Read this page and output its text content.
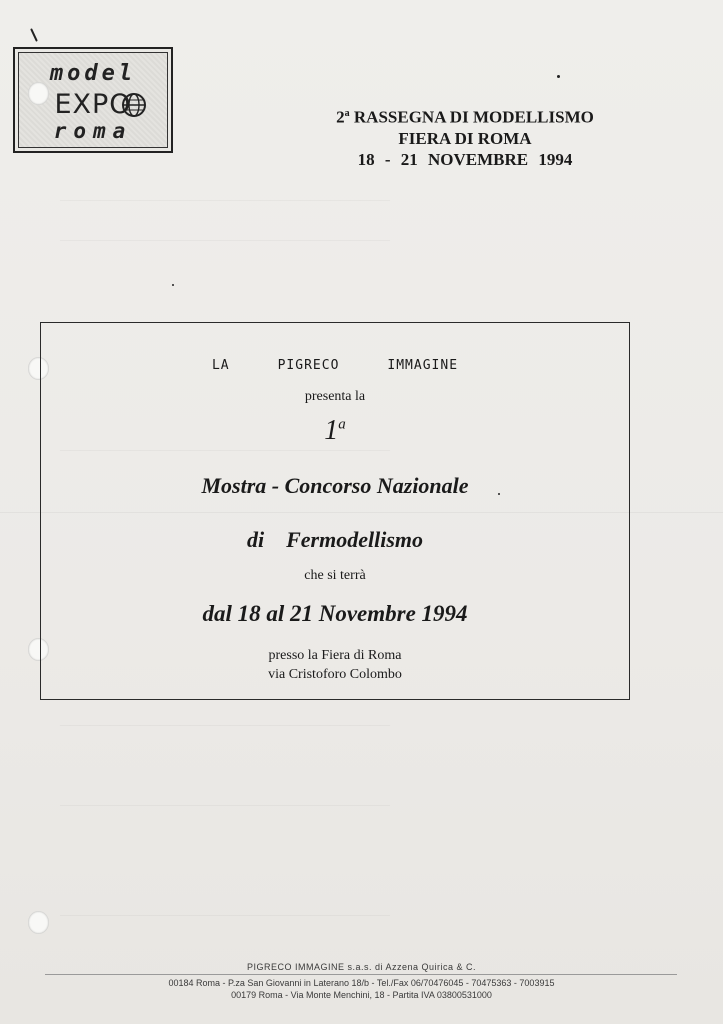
—————————————————————————————————
—————————————————————————————————
—————————————————————————————————
—————————————————————————————————
—————————————————————————————————
—————————————————————————————————
model
EXPO
roma
2$^a$ RASSEGNA DI MODELLISMO
FIERA DI ROMA
18 - 21 NOVEMBRE 1994
LA	PIGRECO	IMMAGINE
presenta la
1$^a$
Mostra - Concorso Nazionale
di Fermodellismo
che si terrà
dal 18 al 21 Novembre 1994
presso la Fiera di Roma
via Cristoforo Colombo
PIGRECO IMMAGINE s.a.s. di Azzena Quirica & C.
00184 Roma - P.za San Giovanni in Laterano 18/b - Tel./Fax 06/70476045 - 70475363 - 7003915
00179 Roma - Via Monte Menchini, 18 - Partita IVA 03800531000
